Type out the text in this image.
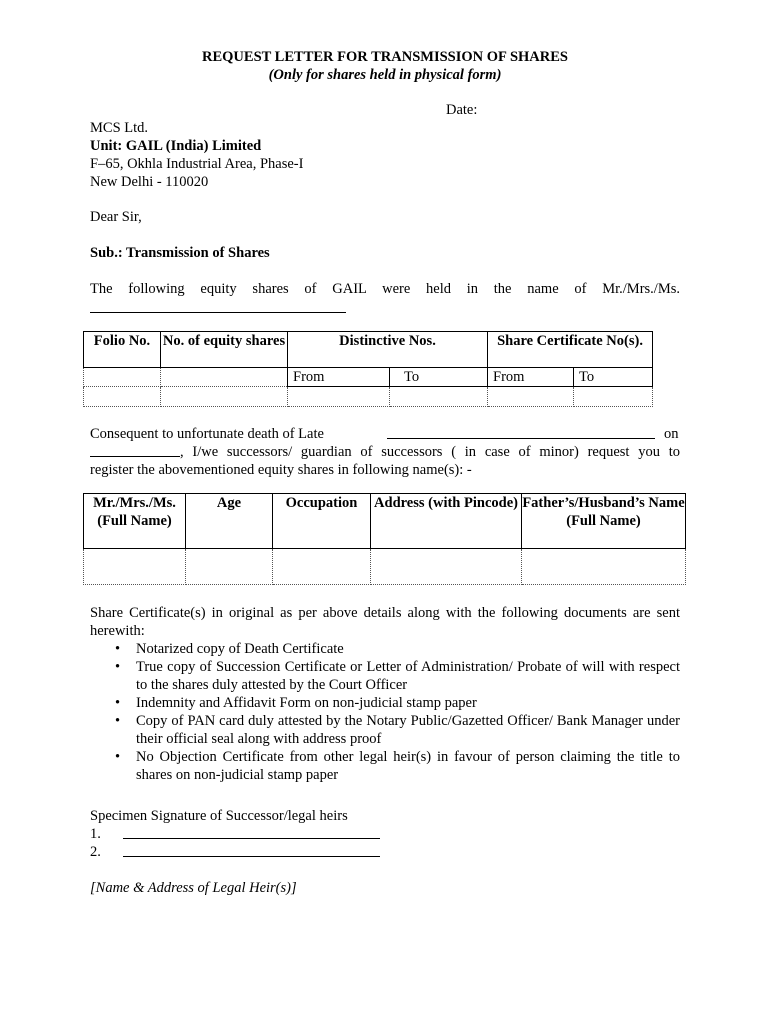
REQUEST LETTER FOR TRANSMISSION OF SHARES
(Only for shares held in physical form)
Date:
MCS Ltd.
Unit: GAIL (India) Limited
F–65, Okhla Industrial Area, Phase-I
New Delhi - 110020
Dear Sir,
Sub.: Transmission of Shares
The following equity shares of GAIL were held in the name of Mr./Mrs./Ms.
Folio No.	No. of equity shares	Distinctive Nos.		Share Certificate No(s).	
		From	To	From	To

Consequent to unfortunate death of Late	on
, I/we successors/ guardian of successors ( in case of minor) request you to
register the abovementioned equity shares in following name(s): -
Mr./Mrs./Ms. (Full Name)	Age	Occupation	Address (with Pincode)	Father’s/Husband’s Name (Full Name)

Share Certificate(s) in original as per above details along with the following documents are sent herewith:
• Notarized copy of Death Certificate
• True copy of Succession Certificate or Letter of Administration/ Probate of will with respect to the shares duly attested by the Court Officer
• Indemnity and Affidavit Form on non-judicial stamp paper
• Copy of PAN card duly attested by the Notary Public/Gazetted Officer/ Bank Manager under their official seal along with address proof
• No Objection Certificate from other legal heir(s) in favour of person claiming the title to shares on non-judicial stamp paper
Specimen Signature of Successor/legal heirs
1.
2.
[Name & Address of Legal Heir(s)]
